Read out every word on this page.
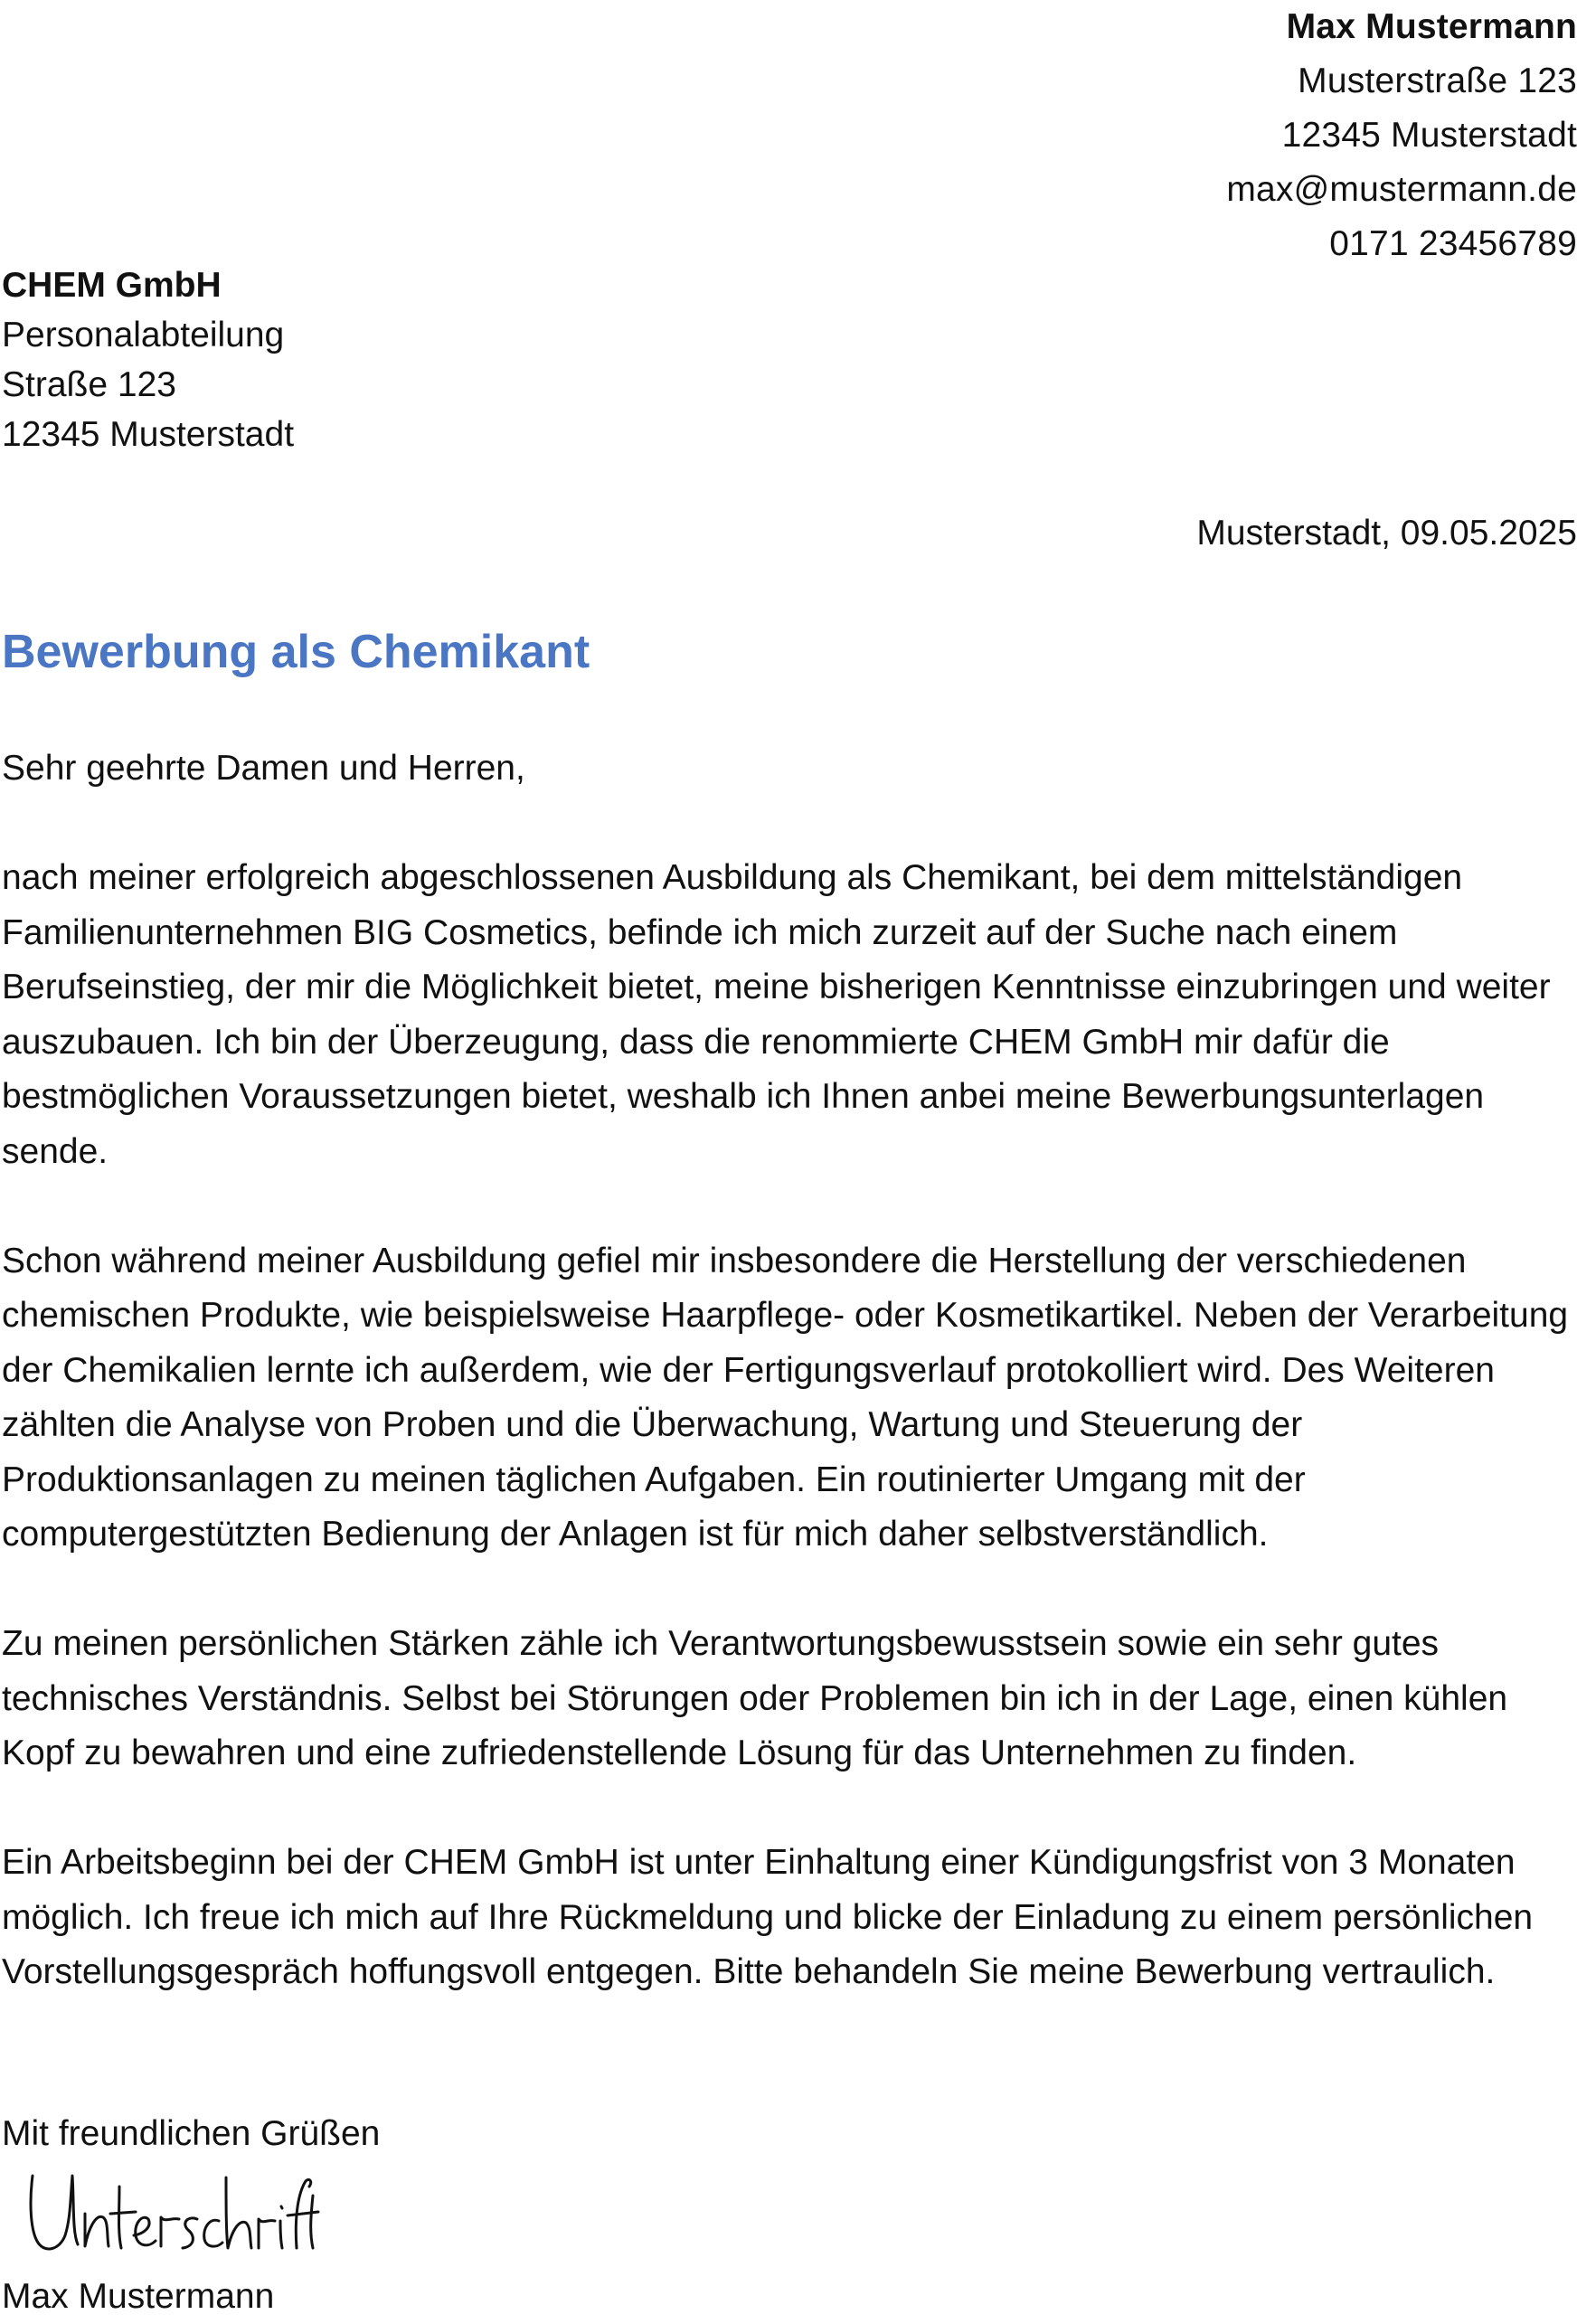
Max Mustermann
Musterstraße 123
12345 Musterstadt
max@mustermann.de
0171 23456789
CHEM GmbH
Personalabteilung
Straße 123
12345 Musterstadt
Musterstadt, 09.05.2025
Bewerbung als Chemikant

Sehr geehrte Damen und Herren,

nach meiner erfolgreich abgeschlossenen Ausbildung als Chemikant, bei dem mittelständigen Familienunternehmen BIG Cosmetics, befinde ich mich zurzeit auf der Suche nach einem Berufseinstieg, der mir die Möglichkeit bietet, meine bisherigen Kenntnisse einzubringen und weiter auszubauen. Ich bin der Überzeugung, dass die renommierte CHEM GmbH mir dafür die bestmöglichen Voraussetzungen bietet, weshalb ich Ihnen anbei meine Bewerbungsunterlagen sende.

Schon während meiner Ausbildung gefiel mir insbesondere die Herstellung der verschiedenen chemischen Produkte, wie beispielsweise Haarpflege- oder Kosmetikartikel. Neben der Verarbeitung der Chemikalien lernte ich außerdem, wie der Fertigungsverlauf protokolliert wird. Des Weiteren zählten die Analyse von Proben und die Überwachung, Wartung und Steuerung der Produktionsanlagen zu meinen täglichen Aufgaben. Ein routinierter Umgang mit der computergestützten Bedienung der Anlagen ist für mich daher selbstverständlich.

Zu meinen persönlichen Stärken zähle ich Verantwortungsbewusstsein sowie ein sehr gutes technisches Verständnis. Selbst bei Störungen oder Problemen bin ich in der Lage, einen kühlen Kopf zu bewahren und eine zufriedenstellende Lösung für das Unternehmen zu finden.

Ein Arbeitsbeginn bei der CHEM GmbH ist unter Einhaltung einer Kündigungsfrist von 3 Monaten möglich. Ich freue ich mich auf Ihre Rückmeldung und blicke der Einladung zu einem persönlichen Vorstellungsgespräch hoffungsvoll entgegen. Bitte behandeln Sie meine Bewerbung vertraulich.

Mit freundlichen Grüßen
Max Mustermann
